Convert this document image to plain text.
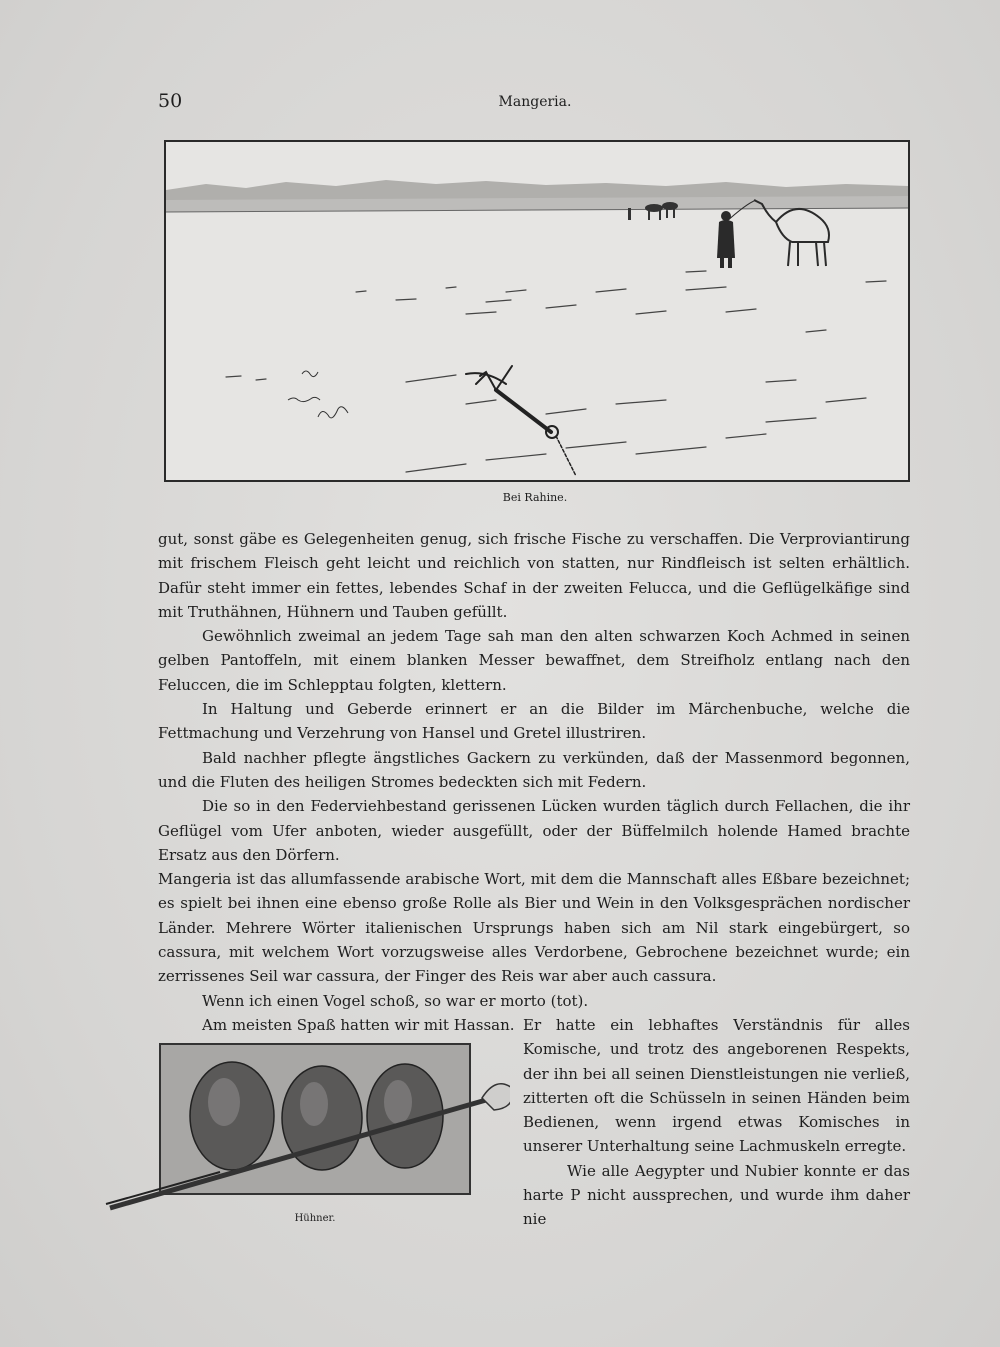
50	Mangeria.
Bei Rahine.

gut, sonst gäbe es Gelegenheiten genug, sich frische Fische zu verschaffen. Die Verproviantirung mit frischem Fleisch geht leicht und reichlich von statten, nur Rindfleisch ist selten erhältlich. Dafür steht immer ein fettes, lebendes Schaf in der zweiten Felucca, und die Geflügelkäfige sind mit Truthähnen, Hühnern und Tauben gefüllt.

Gewöhnlich zweimal an jedem Tage sah man den alten schwarzen Koch Achmed in seinen gelben Pantoffeln, mit einem blanken Messer bewaffnet, dem Streifholz entlang nach den Feluccen, die im Schlepptau folgten, klettern.

In Haltung und Geberde erinnert er an die Bilder im Märchenbuche, welche die Fettmachung und Verzehrung von Hansel und Gretel illustriren.

Bald nachher pflegte ängstliches Gackern zu verkünden, daß der Massenmord begonnen, und die Fluten des heiligen Stromes bedeckten sich mit Federn.

Die so in den Federviehbestand gerissenen Lücken wurden täglich durch Fellachen, die ihr Geflügel vom Ufer anboten, wieder ausgefüllt, oder der Büffelmilch holende Hamed brachte Ersatz aus den Dörfern.

Mangeria ist das allumfassende arabische Wort, mit dem die Mannschaft alles Eßbare bezeichnet; es spielt bei ihnen eine ebenso große Rolle als Bier und Wein in den Volksgesprächen nordischer Länder. Mehrere Wörter italienischen Ursprungs haben sich am Nil stark eingebürgert, so cassura, mit welchem Wort vorzugsweise alles Verdorbene, Gebrochene bezeichnet wurde; ein zerrissenes Seil war cassura, der Finger des Reis war aber auch cassura.

Wenn ich einen Vogel schoß, so war er morto (tot).

Am meisten Spaß hatten wir mit Hassan. Er hatte ein lebhaftes Verständnis für alles Komische, und trotz des angeborenen Respekts, der ihn bei all seinen Dienstleistungen nie verließ, zitterten oft die Schüsseln in seinen Händen beim Bedienen, wenn irgend etwas Komisches in unserer Unterhaltung seine Lachmuskeln erregte.

Wie alle Aegypter und Nubier konnte er das harte P nicht aussprechen, und wurde ihm daher nie

Hühner.
